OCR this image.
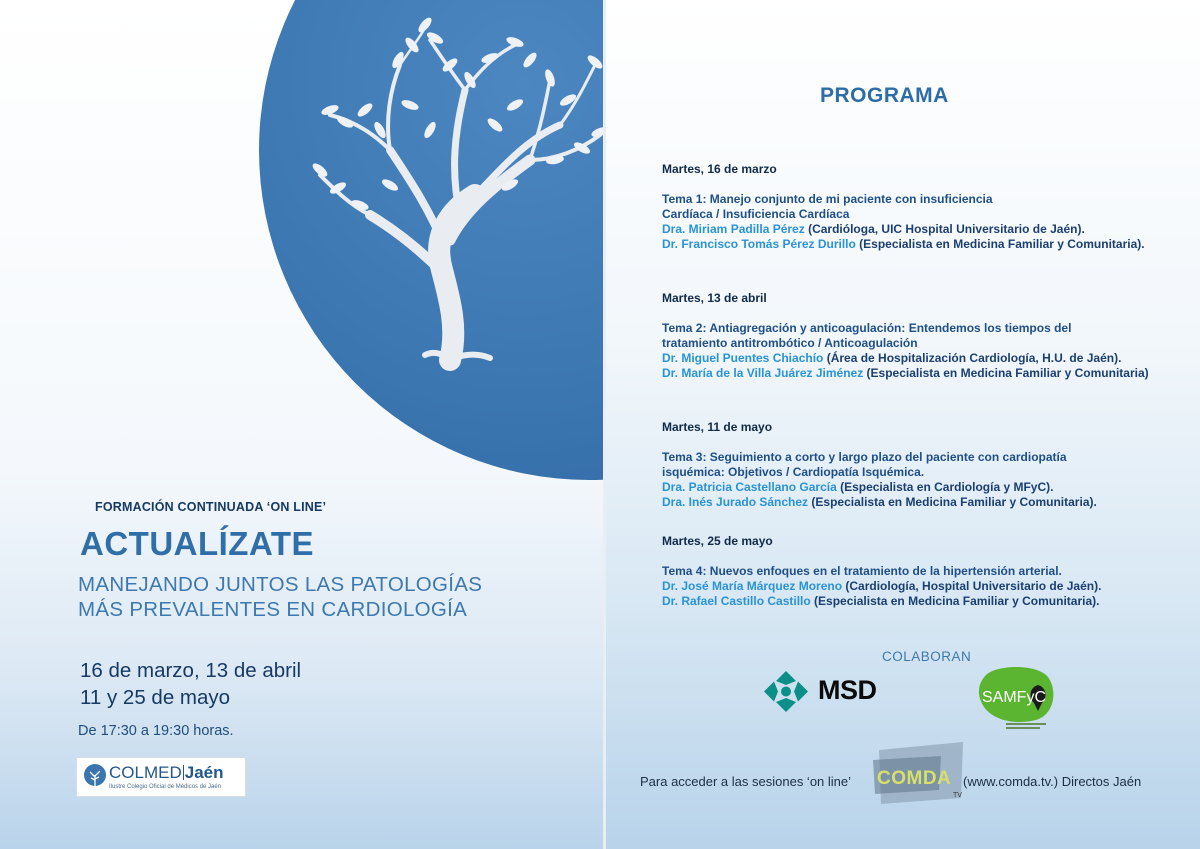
FORMACIÓN CONTINUADA ‘ON LINE’
ACTUALÍZATE
MANEJANDO JUNTOS LAS PATOLOGÍAS
MÁS PREVALENTES EN CARDIOLOGÍA
16 de marzo, 13 de abril
11 y 25 de mayo
De 17:30 a 19:30 horas.
COLMED Jaén
Ilustre Colegio Oficial de Médicos de Jaén
PROGRAMA
Martes, 16 de marzo
Tema 1: Manejo conjunto de mi paciente con insuficiencia
Cardíaca / Insuficiencia Cardíaca
Dra. Miriam Padilla Pérez (Cardióloga, UIC Hospital Universitario de Jaén).
Dr. Francisco Tomás Pérez Durillo (Especialista en Medicina Familiar y Comunitaria).
Martes, 13 de abril
Tema 2: Antiagregación y anticoagulación: Entendemos los tiempos del
tratamiento antitrombótico / Anticoagulación
Dr. Miguel Puentes Chiachío (Área de Hospitalización Cardiología, H.U. de Jaén).
Dr. María de la Villa Juárez Jiménez (Especialista en Medicina Familiar y Comunitaria)
Martes, 11 de mayo
Tema 3: Seguimiento a corto y largo plazo del paciente con cardiopatía
isquémica: Objetivos / Cardiopatía Isquémica.
Dra. Patricia Castellano García (Especialista en Cardiología y MFyC).
Dra. Inés Jurado Sánchez (Especialista en Medicina Familiar y Comunitaria).
Martes, 25 de mayo
Tema 4: Nuevos enfoques en el tratamiento de la hipertensión arterial.
Dr. José María Márquez Moreno (Cardiología, Hospital Universitario de Jaén).
Dr. Rafael Castillo Castillo (Especialista en Medicina Familiar y Comunitaria).
COLABORAN
MSD	SAMFyC
Para acceder a las sesiones ‘on line’ COMDA
TV
(www.comda.tv.) Directos Jaén
